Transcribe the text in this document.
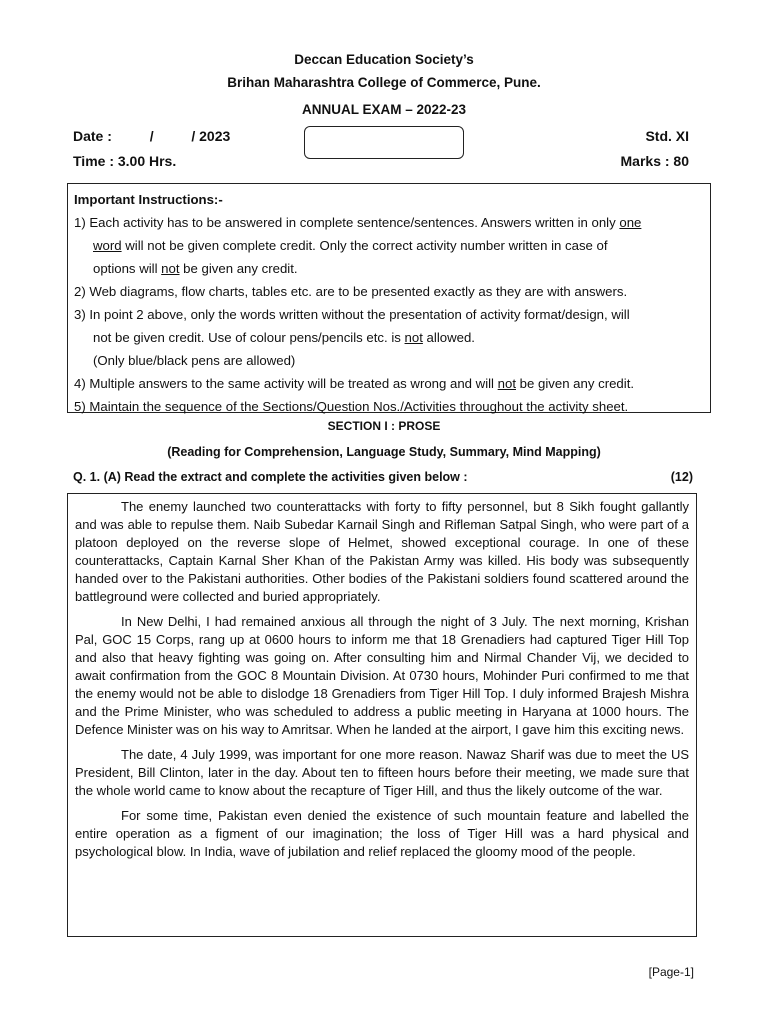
Deccan Education Society’s
Brihan Maharashtra College of Commerce, Pune.
ANNUAL EXAM – 2022-23
Date :	/	/ 2023	Std. XI
Time : 3.00 Hrs.	Marks : 80
Important Instructions:-
1) Each activity has to be answered in complete sentence/sentences. Answers written in only one
word will not be given complete credit. Only the correct activity number written in case of
options will not be given any credit.
2) Web diagrams, flow charts, tables etc. are to be presented exactly as they are with answers.
3) In point 2 above, only the words written without the presentation of activity format/design, will
not be given credit. Use of colour pens/pencils etc. is not allowed.
(Only blue/black pens are allowed)
4) Multiple answers to the same activity will be treated as wrong and will not be given any credit.
5) Maintain the sequence of the Sections/Question Nos./Activities throughout the activity sheet.
SECTION I : PROSE
(Reading for Comprehension, Language Study, Summary, Mind Mapping)
Q. 1. (A) Read the extract and complete the activities given below :	(12)

The enemy launched two counterattacks with forty to fifty personnel, but 8 Sikh fought gallantly and was able to repulse them. Naib Subedar Karnail Singh and Rifleman Satpal Singh, who were part of a platoon deployed on the reverse slope of Helmet, showed exceptional courage. In one of these counterattacks, Captain Karnal Sher Khan of the Pakistan Army was killed. His body was subsequently handed over to the Pakistani authorities. Other bodies of the Pakistani soldiers found scattered around the battleground were collected and buried appropriately.

In New Delhi, I had remained anxious all through the night of 3 July. The next morning, Krishan Pal, GOC 15 Corps, rang up at 0600 hours to inform me that 18 Grenadiers had captured Tiger Hill Top and also that heavy fighting was going on. After consulting him and Nirmal Chander Vij, we decided to await confirmation from the GOC 8 Mountain Division. At 0730 hours, Mohinder Puri confirmed to me that the enemy would not be able to dislodge 18 Grenadiers from Tiger Hill Top. I duly informed Brajesh Mishra and the Prime Minister, who was scheduled to address a public meeting in Haryana at 1000 hours. The Defence Minister was on his way to Amritsar. When he landed at the airport, I gave him this exciting news.

The date, 4 July 1999, was important for one more reason. Nawaz Sharif was due to meet the US President, Bill Clinton, later in the day. About ten to fifteen hours before their meeting, we made sure that the whole world came to know about the recapture of Tiger Hill, and thus the likely outcome of the war.

For some time, Pakistan even denied the existence of such mountain feature and labelled the entire operation as a figment of our imagination; the loss of Tiger Hill was a hard physical and psychological blow. In India, wave of jubilation and relief replaced the gloomy mood of the people.

[Page-1]
